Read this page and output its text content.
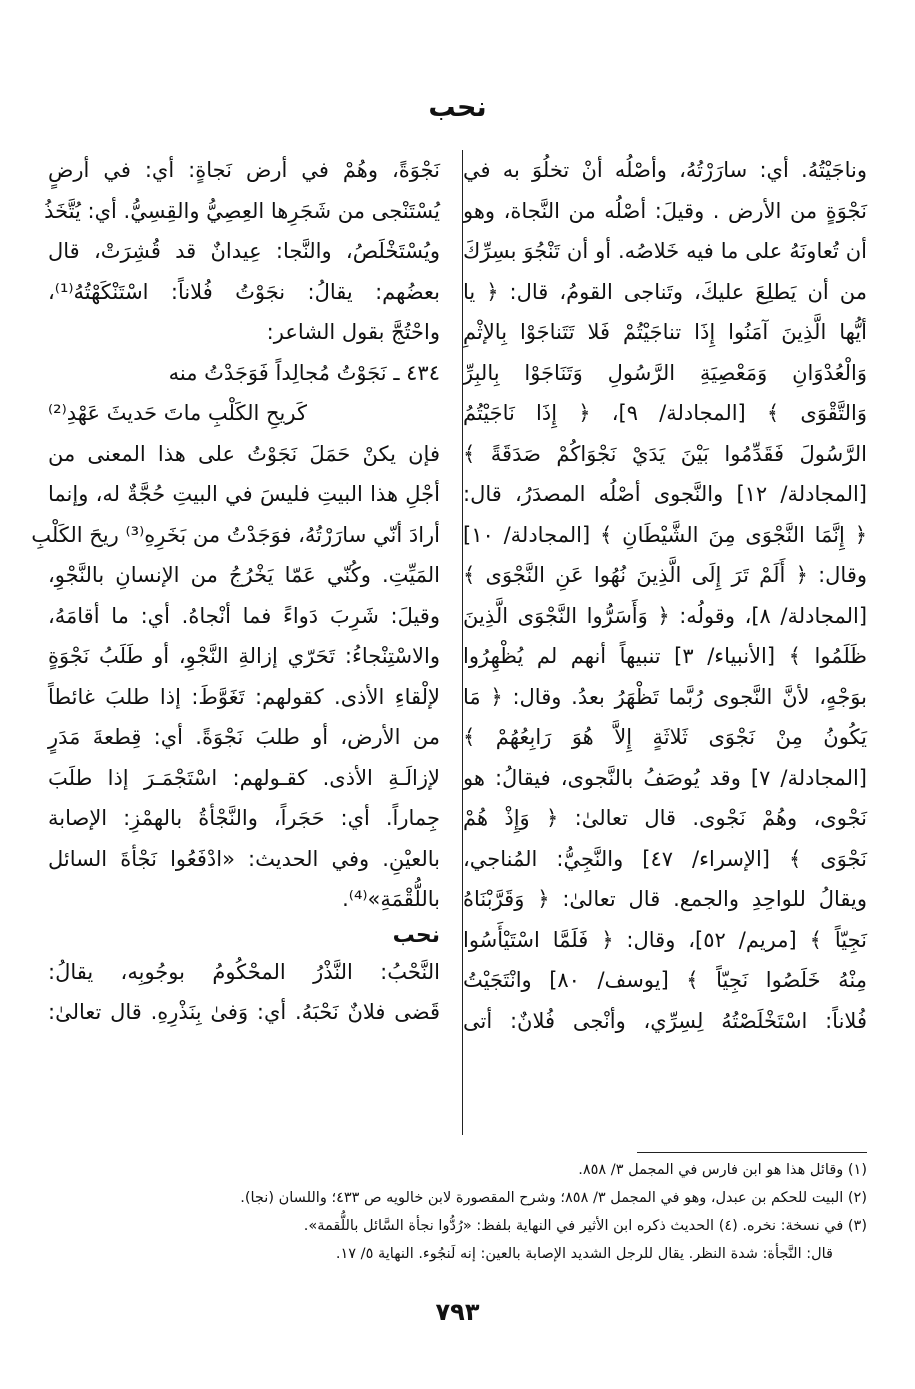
نحب
وناجَيْتُهُ. أي: سارَرْتُهُ، وأصْلُه أنْ تخلُوَ به في
نَجْوَةٍ من الأرض . وقيلَ: أصْلُه من النَّجاة، وهو
أن تُعاونَهُ على ما فيه خَلاصُه. أو أن تَنْجُوَ بسِرِّكَ
من أن يَطلِعَ عليكَ، وتَناجى القومُ، قال: ﴿ يا
أيُّها الَّذِينَ آمَنُوا إِذَا تناجَيْتُمْ فَلا تَتَناجَوْا بِالإثْمِ
وَالْعُدْوَانِ وَمَعْصِيَةِ الرَّسُولِ وَتَنَاجَوْا بِالبِرِّ
وَالتَّقْوَى ﴾ [المجادلة/ ٩]، ﴿ إِذَا نَاجَيْتُمُ
الرَّسُولَ فَقَدِّمُوا بَيْنَ يَدَيْ نَجْوَاكُمْ صَدَقَةً ﴾
[المجادلة/ ١٢] والنَّجوى أصْلُه المصدَرُ، قال:
﴿ إِنَّمَا النَّجْوَى مِنَ الشَّيْطَانِ ﴾ [المجادلة/ ١٠]
وقال: ﴿ أَلَمْ تَرَ إِلَى الَّذِينَ نُهُوا عَنِ النَّجْوَى ﴾
[المجادلة/ ٨]، وقولُه: ﴿ وَأَسَرُّوا النَّجْوَى الَّذِينَ
ظَلَمُوا ﴾ [الأنبياء/ ٣] تنبيهاً أنهم لم يُظْهِرُوا
بوَجْهٍ، لأنَّ النَّجوى رُبَّما تَظْهَرُ بعدُ. وقال: ﴿ مَا
يَكُونُ مِنْ نَجْوَى ثَلاثَةٍ إِلاَّ هُوَ رَابِعُهُمْ ﴾
[المجادلة/ ٧] وقد يُوصَفُ بالنَّجوى، فيقالُ: هو
نَجْوى، وهُمْ نَجْوى. قال تعالىٰ: ﴿ وَإِذْ هُمْ
نَجْوَى ﴾ [الإسراء/ ٤٧] والنَّجِيُّ: المُناجي،
ويقالُ للواحِدِ والجمع. قال تعالىٰ: ﴿ وَقَرَّبْنَاهُ
نَجِيّاً ﴾ [مريم/ ٥٢]، وقال: ﴿ فَلَمَّا اسْتَيْأَسُوا
مِنْهُ خَلَصُوا نَجِيّاً ﴾ [يوسف/ ٨٠] وانْتَجَيْتُ
فُلاناً: اسْتَخْلَصْتُهُ لِسِرِّي، وأنْجى فُلانٌ: أتى
نَجْوَةً، وهُمْ في أرض نَجاةٍ: أي: في أرضٍ
يُسْتَنْجى من شَجَرِها العِصِيُّ والقِسِيُّ. أي: يُتَّخَذُ
ويُسْتَخْلَصُ، والنَّجا: عِيدانٌ قد قُشِرَتْ، قال
بعضُهم: يقالُ: نجَوْتُ فُلاناً: اسْتَنْكَهْتُهُ⁽¹⁾،
واحْتُجَّ بقول الشاعر:
٤٣٤ ـ نَجَوْتُ مُجالِداً فَوَجَدْتُ منه
كَريحِ الكَلْبِ ماتَ حَديثَ عَهْدِ⁽²⁾
فإن يكنْ حَمَلَ نَجَوْتُ على هذا المعنى من
أجْلِ هذا البيتِ فليسَ في البيتِ حُجَّةٌ له، وإنما
أرادَ أنّي سارَرْتُهُ، فوَجَدْتُ من بَخَرِهِ⁽³⁾ ريحَ الكَلْبِ
المَيِّتِ. وكُنّي عَمّا يَخْرُجُ من الإنسانِ بالنَّجْوِ،
وقيلَ: شَرِبَ دَواءً فما أنْجاهُ. أي: ما أقامَهُ،
والاسْتِنْجاءُ: تَحَرّي إزالةِ النَّجْوِ، أو طَلَبُ نَجْوَةٍ
لإلْقاءِ الأذى. كقولهم: تَغَوَّطَ: إذا طلبَ غائطاً
من الأرض، أو طلبَ نَجْوَةً. أي: قِطعةَ مَدَرٍ
لإزالَـةِ الأذى. كقـولهم: اسْتَجْمَـرَ إذا طلَبَ
جِماراً. أي: حَجَراً، والنَّجْأةُ بالهمْزِ: الإصابة
بالعيْنِ. وفي الحديث: «ادْفَعُوا نَجْأةَ السائل
باللُّقْمَةِ»⁽⁴⁾.
نحب
النَّحْبُ: النَّذْرُ المحْكُومُ بوجُوبِه، يقالُ:
قَضى فلانٌ نَحْبَهُ. أي: وَفىٰ بِنَذْرِهِ. قال تعالىٰ:
(١) وقائل هذا هو ابن فارس في المجمل ٣/ ٨٥٨.
(٢) البيت للحكم بن عبدل، وهو في المجمل ٣/ ٨٥٨؛ وشرح المقصورة لابن خالويه ص ٤٣٣؛ واللسان (نجا).
(٣) في نسخة: نخره. (٤) الحديث ذكره ابن الأثير في النهاية بلفظ: «رُدُّوا نجأة السَّائل باللُّقمة».
قال: النَّجأة: شدة النظر. يقال للرجل الشديد الإصابة بالعين: إنه لَنجُوء. النهاية ٥/ ١٧.
٧٩٣
